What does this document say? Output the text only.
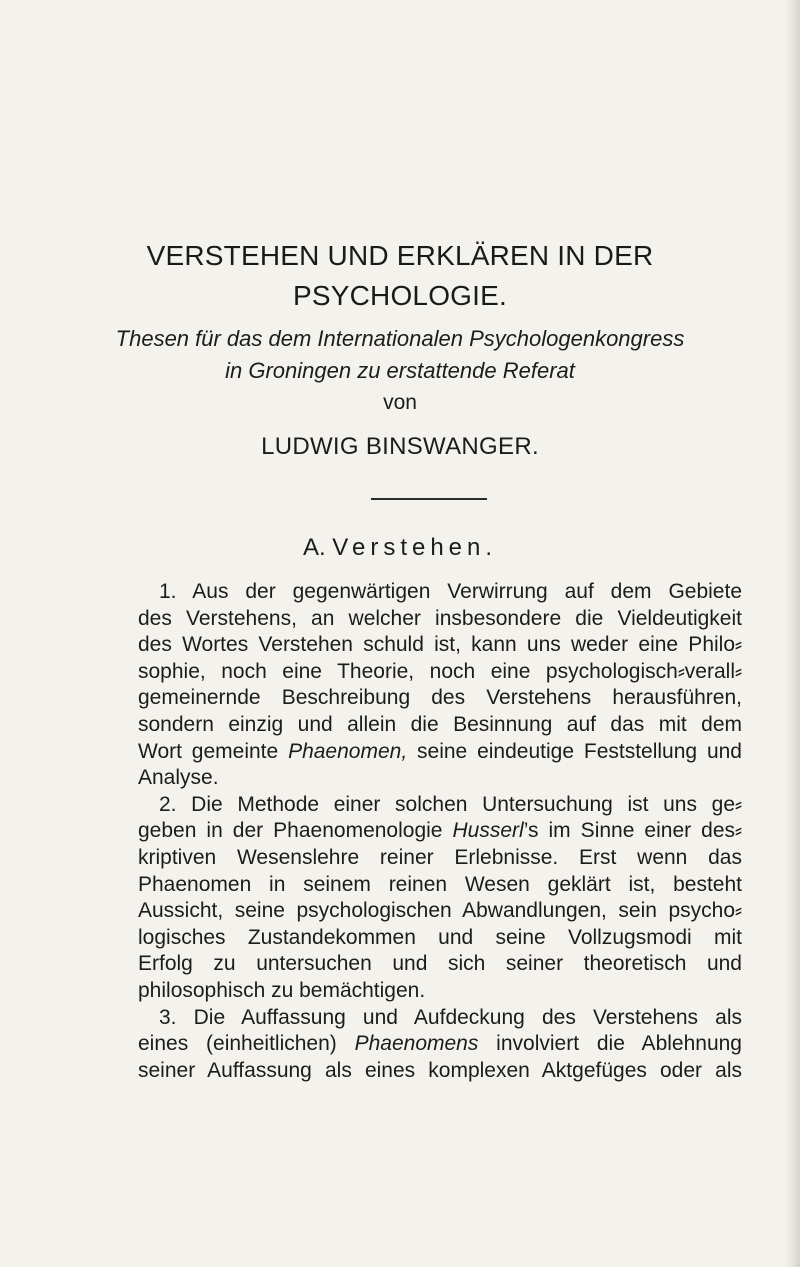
VERSTEHEN UND ERKLÄREN IN DER
PSYCHOLOGIE.

Thesen für das dem Internationalen Psychologenkongress
in Groningen zu erstattende Referat

von
LUDWIG BINSWANGER.
A. Verstehen.
1. Aus der gegenwärtigen Verwirrung auf dem Gebiete
des Verstehens, an welcher insbesondere die Vieldeutigkeit
des Wortes Verstehen schuld ist, kann uns weder eine Philo⸗
sophie, noch eine Theorie, noch eine psychologisch⸗verall⸗
gemeinernde Beschreibung des Verstehens herausführen,
sondern einzig und allein die Besinnung auf das mit dem
Wort gemeinte Phaenomen, seine eindeutige Feststellung und
Analyse.
2. Die Methode einer solchen Untersuchung ist uns ge⸗
geben in der Phaenomenologie Husserl’s im Sinne einer des⸗
kriptiven Wesenslehre reiner Erlebnisse. Erst wenn das
Phaenomen in seinem reinen Wesen geklärt ist, besteht
Aussicht, seine psychologischen Abwandlungen, sein psycho⸗
logisches Zustandekommen und seine Vollzugsmodi mit
Erfolg zu untersuchen und sich seiner theoretisch und
philosophisch zu bemächtigen.
3. Die Auffassung und Aufdeckung des Verstehens als
eines (einheitlichen) Phaenomens involviert die Ablehnung
seiner Auffassung als eines komplexen Aktgefüges oder als
